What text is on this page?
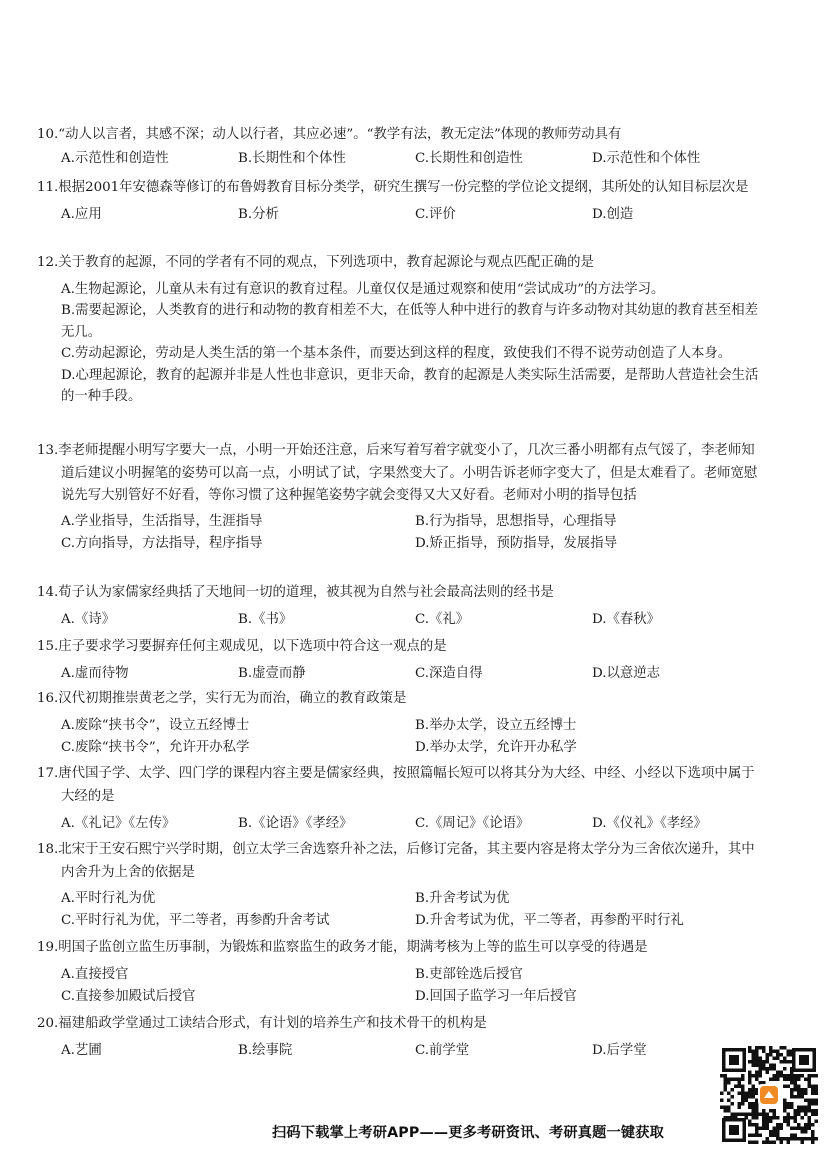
10.“动人以言者，其感不深；动人以行者，其应必速”。“教学有法，教无定法”体现的教师劳动具有
A.示范性和创造性	B.长期性和个体性	C.长期性和创造性	D.示范性和个体性
11.根据2001年安德森等修订的布鲁姆教育目标分类学，研究生撰写一份完整的学位论文提纲，其所处的认知目标层次是
A.应用	B.分析	C.评价	D.创造
12.关于教育的起源，不同的学者有不同的观点，下列选项中，教育起源论与观点匹配正确的是
A.生物起源论，儿童从未有过有意识的教育过程。儿童仅仅是通过观察和使用“尝试成功”的方法学习。
B.需要起源论，人类教育的进行和动物的教育相差不大，在低等人种中进行的教育与许多动物对其幼崽的教育甚至相差无几。
C.劳动起源论，劳动是人类生活的第一个基本条件，而要达到这样的程度，致使我们不得不说劳动创造了人本身。
D.心理起源论，教育的起源并非是人性也非意识，更非天命，教育的起源是人类实际生活需要，是帮助人营造社会生活的一种手段。
13.李老师提醒小明写字要大一点，小明一开始还注意，后来写着写着字就变小了，几次三番小明都有点气馁了，李老师知道后建议小明握笔的姿势可以高一点，小明试了试，字果然变大了。小明告诉老师字变大了，但是太难看了。老师宽慰说先写大别管好不好看，等你习惯了这种握笔姿势字就会变得又大又好看。老师对小明的指导包括
A.学业指导，生活指导，生涯指导	B.行为指导，思想指导，心理指导
C.方向指导，方法指导，程序指导	D.矫正指导，预防指导，发展指导
14.荀子认为家儒家经典括了天地间一切的道理，被其视为自然与社会最高法则的经书是
A.《诗》	B.《书》	C.《礼》	D.《春秋》
15.庄子要求学习要摒弃任何主观成见，以下选项中符合这一观点的是
A.虚而待物	B.虚壹而静	C.深造自得	D.以意逆志
16.汉代初期推崇黄老之学，实行无为而治，确立的教育政策是
A.废除“挟书令”，设立五经博士	B.举办太学，设立五经博士
C.废除“挟书令”，允许开办私学	D.举办太学，允许开办私学
17.唐代国子学、太学、四门学的课程内容主要是儒家经典，按照篇幅长短可以将其分为大经、中经、小经以下选项中属于大经的是
A.《礼记》《左传》	B.《论语》《孝经》	C.《周记》《论语》	D.《仪礼》《孝经》
18.北宋于王安石熙宁兴学时期，创立太学三舍选察升补之法，后修订完备，其主要内容是将太学分为三舍依次递升，其中内舍升为上舍的依据是
A.平时行礼为优	B.升舍考试为优
C.平时行礼为优，平二等者，再参酌升舍考试	D.升舍考试为优，平二等者，再参酌平时行礼
19.明国子监创立监生历事制，为锻炼和监察监生的政务才能，期满考核为上等的监生可以享受的待遇是
A.直接授官	B.吏部铨选后授官
C.直接参加殿试后授官	D.回国子监学习一年后授官
20.福建船政学堂通过工读结合形式，有计划的培养生产和技术骨干的机构是
A.艺圃	B.绘事院	C.前学堂	D.后学堂
扫码下载掌上考研APP——更多考研资讯、考研真题一键获取
